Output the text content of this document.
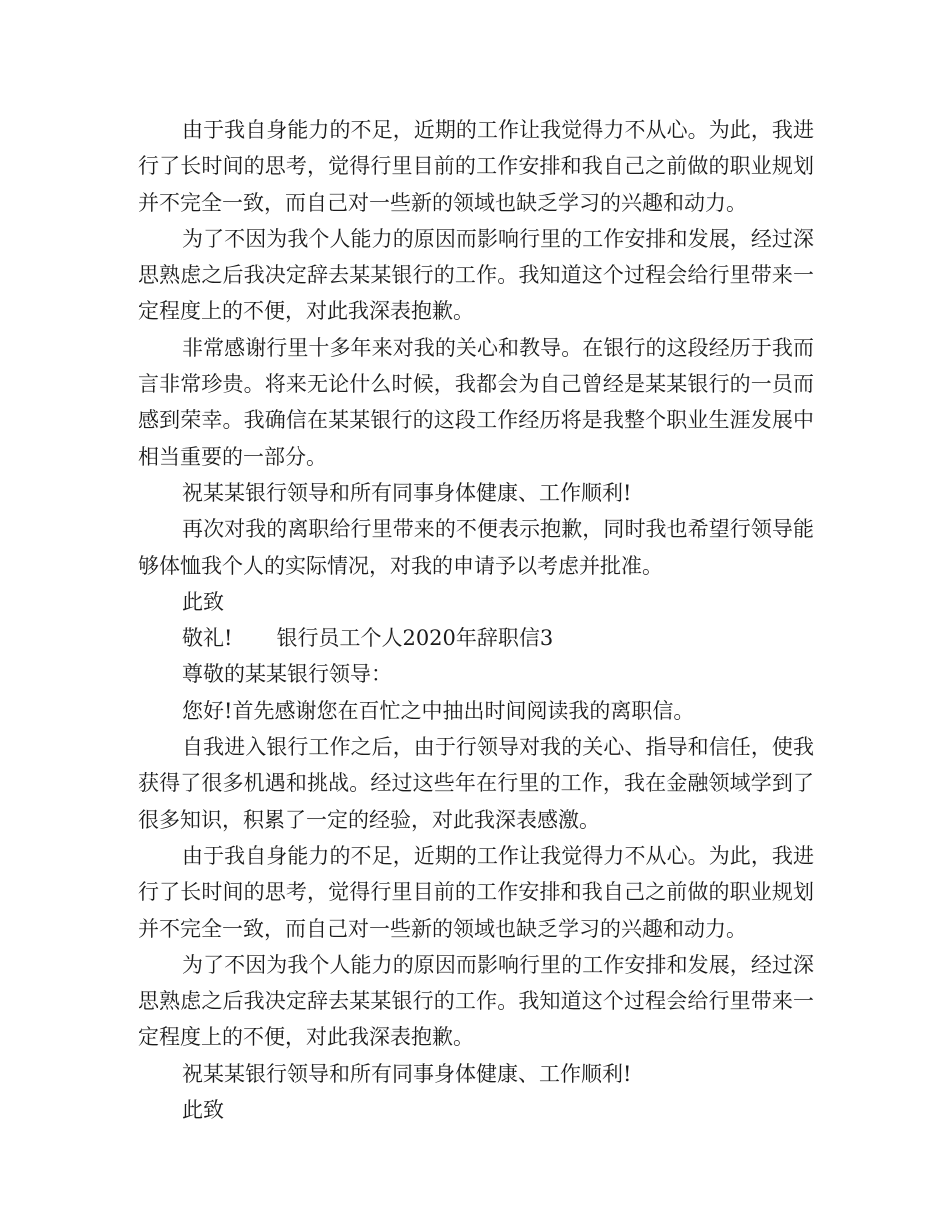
由于我自身能力的不足，近期的工作让我觉得力不从心。为此，我进行了长时间的思考，觉得行里目前的工作安排和我自己之前做的职业规划并不完全一致，而自己对一些新的领域也缺乏学习的兴趣和动力。

为了不因为我个人能力的原因而影响行里的工作安排和发展，经过深思熟虑之后我决定辞去某某银行的工作。我知道这个过程会给行里带来一定程度上的不便，对此我深表抱歉。

非常感谢行里十多年来对我的关心和教导。在银行的这段经历于我而言非常珍贵。将来无论什么时候，我都会为自己曾经是某某银行的一员而感到荣幸。我确信在某某银行的这段工作经历将是我整个职业生涯发展中相当重要的一部分。

祝某某银行领导和所有同事身体健康、工作顺利!

再次对我的离职给行里带来的不便表示抱歉，同时我也希望行领导能够体恤我个人的实际情况，对我的申请予以考虑并批准。

此致

敬礼! 银行员工个人2020年辞职信3

尊敬的某某银行领导：

您好!首先感谢您在百忙之中抽出时间阅读我的离职信。

自我进入银行工作之后，由于行领导对我的关心、指导和信任，使我获得了很多机遇和挑战。经过这些年在行里的工作，我在金融领域学到了很多知识，积累了一定的经验，对此我深表感激。

由于我自身能力的不足，近期的工作让我觉得力不从心。为此，我进行了长时间的思考，觉得行里目前的工作安排和我自己之前做的职业规划并不完全一致，而自己对一些新的领域也缺乏学习的兴趣和动力。

为了不因为我个人能力的原因而影响行里的工作安排和发展，经过深思熟虑之后我决定辞去某某银行的工作。我知道这个过程会给行里带来一定程度上的不便，对此我深表抱歉。

祝某某银行领导和所有同事身体健康、工作顺利!

此致
